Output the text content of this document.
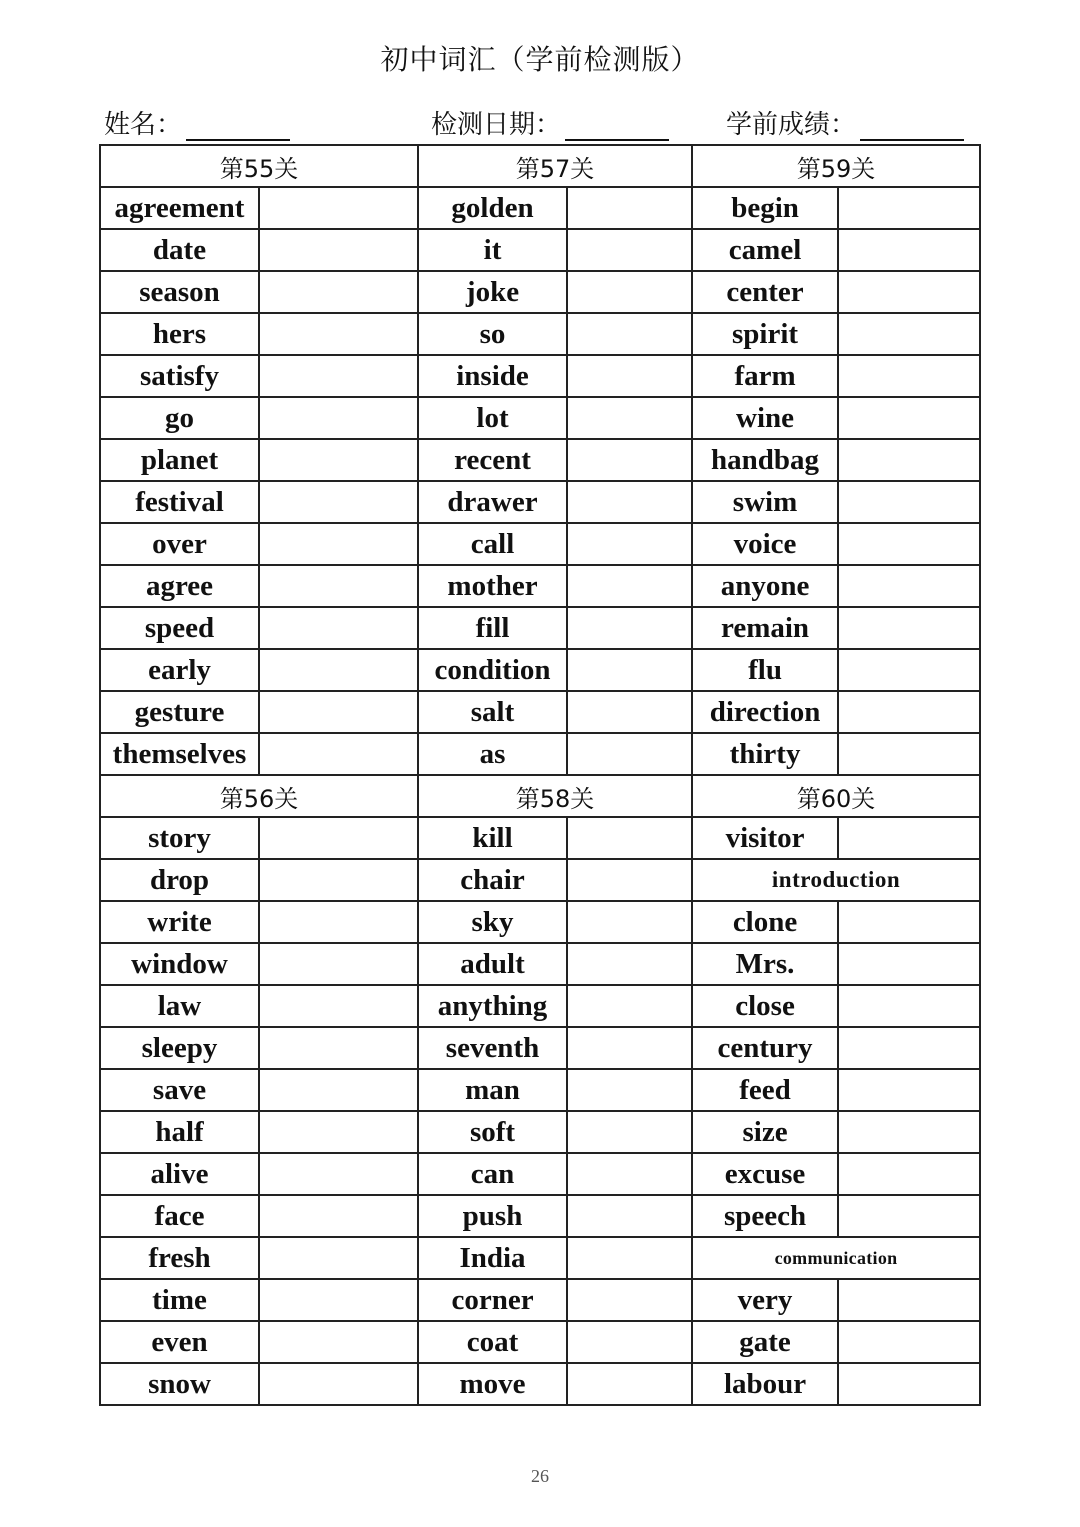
初中词汇（学前检测版）
姓名：	检测日期：	学前成绩：
第55关		第57关		第59关	
agreement		golden		begin	
date		it		camel	
season		joke		center	
hers		so		spirit	
satisfy		inside		farm	
go		lot		wine	
planet		recent		handbag	
festival		drawer		swim	
over		call		voice	
agree		mother		anyone	
speed		fill		remain	
early		condition		flu	
gesture		salt		direction	
themselves		as		thirty	
第56关		第58关		第60关	
story		kill		visitor	
drop		chair		introduction	
write		sky		clone	
window		adult		Mrs.	
law		anything		close	
sleepy		seventh		century	
save		man		feed	
half		soft		size	
alive		can		excuse	
face		push		speech	
fresh		India		communication	
time		corner		very	
even		coat		gate	
snow		move		labour	
26
